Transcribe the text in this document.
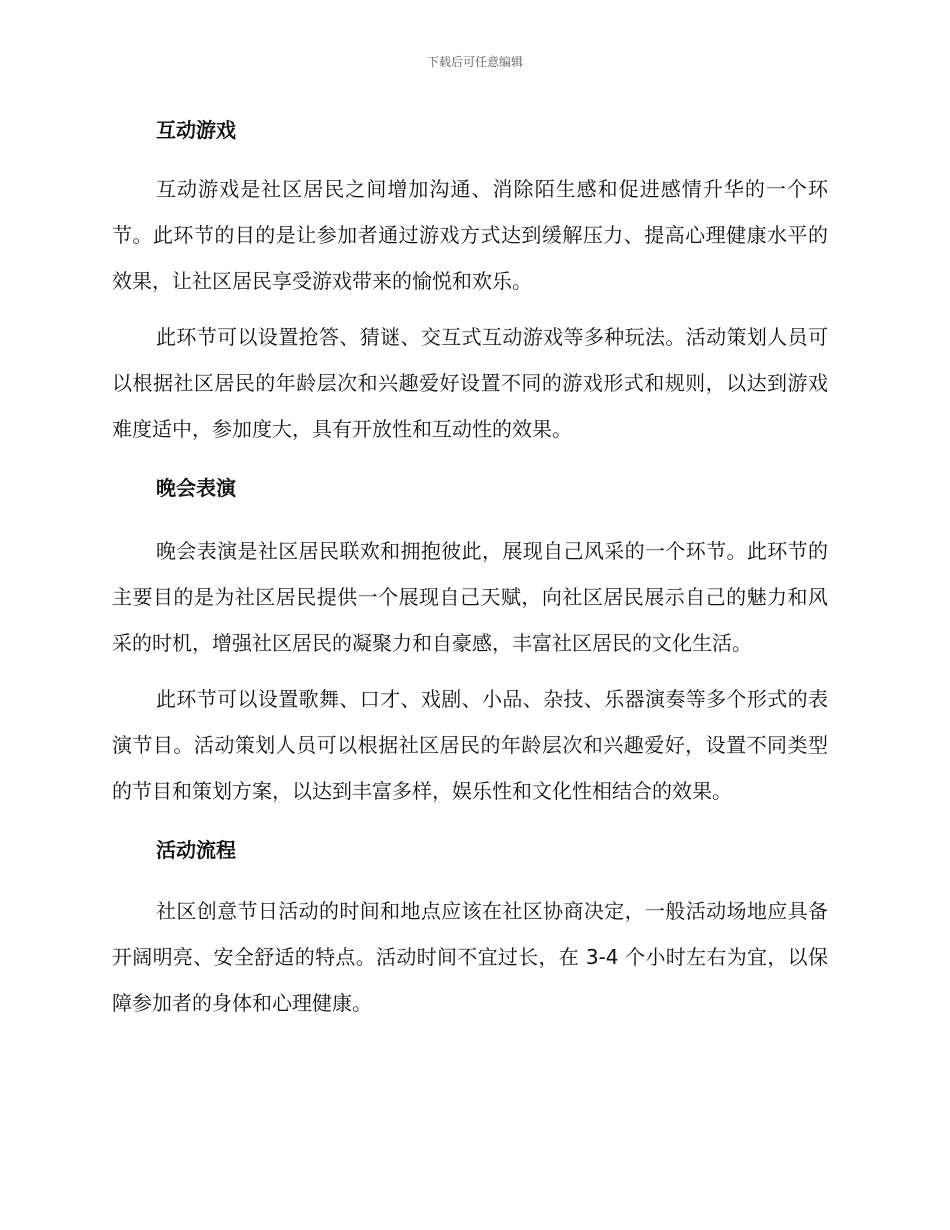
下载后可任意编辑
互动游戏

互动游戏是社区居民之间增加沟通、消除陌生感和促进感情升华的一个环节。此环节的目的是让参加者通过游戏方式达到缓解压力、提高心理健康水平的效果，让社区居民享受游戏带来的愉悦和欢乐。

此环节可以设置抢答、猜谜、交互式互动游戏等多种玩法。活动策划人员可以根据社区居民的年龄层次和兴趣爱好设置不同的游戏形式和规则，以达到游戏难度适中，参加度大，具有开放性和互动性的效果。

晚会表演

晚会表演是社区居民联欢和拥抱彼此，展现自己风采的一个环节。此环节的主要目的是为社区居民提供一个展现自己天赋，向社区居民展示自己的魅力和风采的时机，增强社区居民的凝聚力和自豪感，丰富社区居民的文化生活。

此环节可以设置歌舞、口才、戏剧、小品、杂技、乐器演奏等多个形式的表演节目。活动策划人员可以根据社区居民的年龄层次和兴趣爱好，设置不同类型的节目和策划方案，以达到丰富多样，娱乐性和文化性相结合的效果。

活动流程

社区创意节日活动的时间和地点应该在社区协商决定，一般活动场地应具备开阔明亮、安全舒适的特点。活动时间不宜过长，在 3-4 个小时左右为宜，以保障参加者的身体和心理健康。
